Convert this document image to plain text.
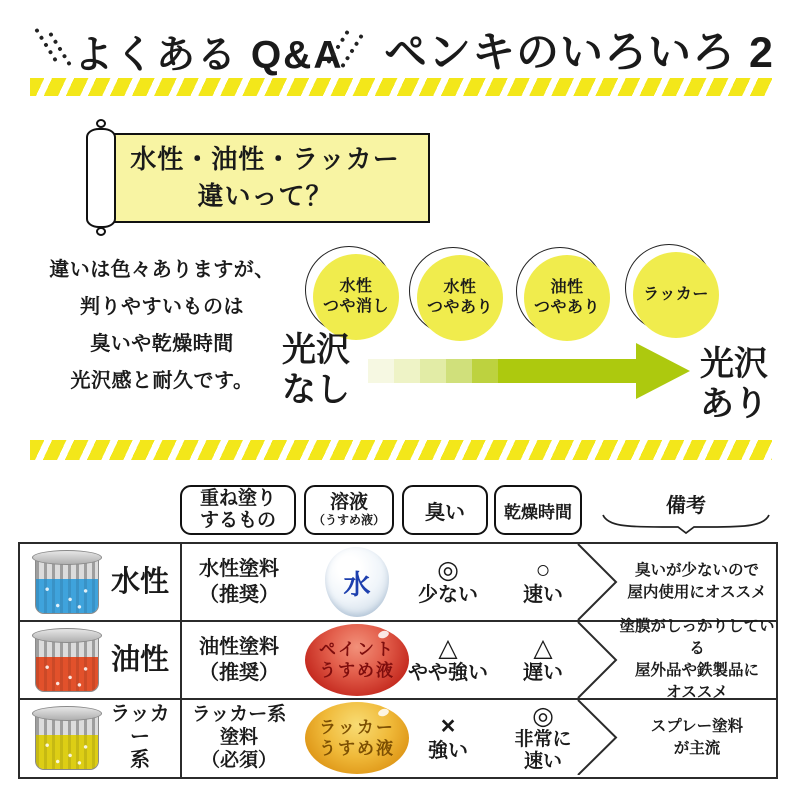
よくある Q&A ペンキのいろいろ 2
水性・油性・ラッカー
違いって？
違いは色々ありますが、
判りやすいものは
臭いや乾燥時間
光沢感と耐久です。
水性
つや消し
水性
つやあり
油性
つやあり
ラッカー
光沢
なし
光沢
あり
重ね塗り
するもの
溶液
（うすめ液） 臭い 乾燥時間	備考
水性 水性塗料
（推奨） 水	◎
少ない
○
速い
臭いが少ないので
屋内使用にオススメ
油性 油性塗料
（推奨）
ペイント
うすめ液
△
やや強い
△
遅い
塗膜がしっかりしている
屋外品や鉄製品に
オススメ
ラッカー
系
ラッカー系
塗料
（必須）
ラッカー
うすめ液
×
強い
◎
非常に
速い
スプレー塗料
が主流
